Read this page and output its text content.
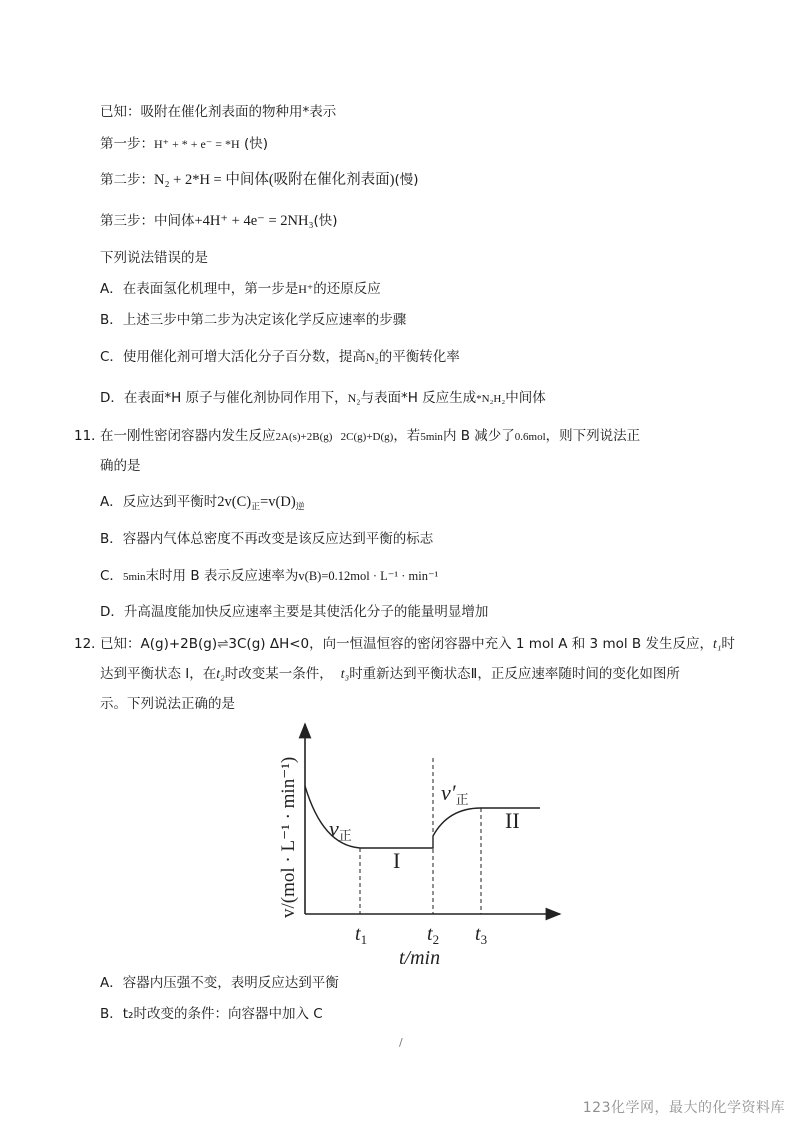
已知：吸附在催化剂表面的物种用*表示
第一步：H⁺ + * + e⁻ = *H (快)
第二步：N₂ + 2*H = 中间体(吸附在催化剂表面)(慢)
第三步：中间体+4H⁺ + 4e⁻ = 2NH₃(快)
下列说法错误的是
A．在表面氢化机理中，第一步是H⁺的还原反应
B．上述三步中第二步为决定该化学反应速率的步骤
C．使用催化剂可增大活化分子百分数，提高N₂的平衡转化率
D．在表面*H 原子与催化剂协同作用下，N₂与表面*H 反应生成*N₂H₂中间体
11．
在一刚性密闭容器内发生反应2A(s)+2B(g)   2C(g)+D(g)，若5min内 B 减少了0.6mol，则下列说法正
确的是
A．反应达到平衡时$2v(C)_正=v(D)_逆$
B．容器内气体总密度不再改变是该反应达到平衡的标志
C．5min末时用 B 表示反应速率为v(B)=0.12mol · L⁻¹ · min⁻¹
D．升高温度能加快反应速率主要是其使活化分子的能量明显增加
12．
已知：A(g)+2B(g)⇌3C(g) ΔH<0，向一恒温恒容的密闭容器中充入 1 mol A 和 3 mol B 发生反应，t₁时
达到平衡状态 I，在t₂时改变某一条件， t₃时重新达到平衡状态Ⅱ，正反应速率随时间的变化如图所
示。下列说法正确的是
v正
v′正
I
II
$t_1$	$t_2$ $t_3$
t/min
v/(mol · L⁻¹ · min⁻¹)
A．容器内压强不变，表明反应达到平衡
B．t₂时改变的条件：向容器中加入 C
/
123化学网，最大的化学资料库
